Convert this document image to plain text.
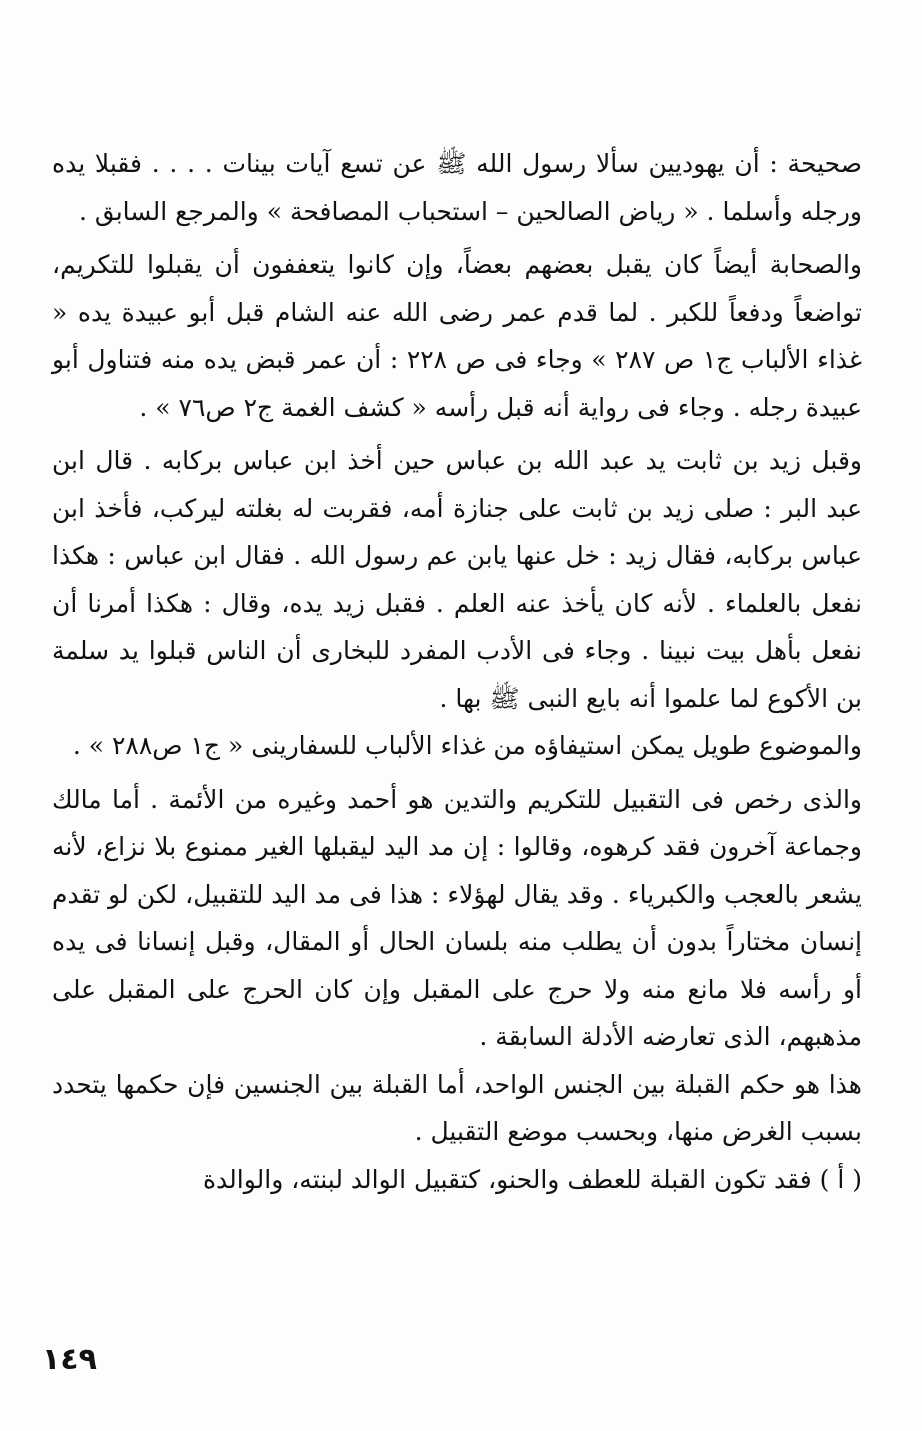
صحيحة : أن يهوديين سألا رسول الله ﷺ عن تسع آيات بينات . . . . فقبلا يده ورجله وأسلما . « رياض الصالحين – استحباب المصافحة » والمرجع السابق .

والصحابة أيضاً كان يقبل بعضهم بعضاً، وإن كانوا يتعففون أن يقبلوا للتكريم، تواضعاً ودفعاً للكبر . لما قدم عمر رضى الله عنه الشام قبل أبو عبيدة يده « غذاء الألباب ج١ ص ٢٨٧ » وجاء فى ص ٢٢٨ : أن عمر قبض يده منه فتناول أبو عبيدة رجله . وجاء فى رواية أنه قبل رأسه « كشف الغمة ج٢ ص٧٦ » .

وقبل زيد بن ثابت يد عبد الله بن عباس حين أخذ ابن عباس بركابه . قال ابن عبد البر : صلى زيد بن ثابت على جنازة أمه، فقربت له بغلته ليركب، فأخذ ابن عباس بركابه، فقال زيد : خل عنها يابن عم رسول الله . فقال ابن عباس : هكذا نفعل بالعلماء . لأنه كان يأخذ عنه العلم . فقبل زيد يده، وقال : هكذا أمرنا أن نفعل بأهل بيت نبينا . وجاء فى الأدب المفرد للبخارى أن الناس قبلوا يد سلمة بن الأكوع لما علموا أنه بايع النبى ﷺ بها .

والموضوع طويل يمكن استيفاؤه من غذاء الألباب للسفارينى « ج١ ص٢٨٨ » .

والذى رخص فى التقبيل للتكريم والتدين هو أحمد وغيره من الأئمة . أما مالك وجماعة آخرون فقد كرهوه، وقالوا : إن مد اليد ليقبلها الغير ممنوع بلا نزاع، لأنه يشعر بالعجب والكبرياء . وقد يقال لهؤلاء : هذا فى مد اليد للتقبيل، لكن لو تقدم إنسان مختاراً بدون أن يطلب منه بلسان الحال أو المقال، وقبل إنسانا فى يده أو رأسه فلا مانع منه ولا حرج على المقبل وإن كان الحرج على المقبل على مذهبهم، الذى تعارضه الأدلة السابقة .

هذا هو حكم القبلة بين الجنس الواحد، أما القبلة بين الجنسين فإن حكمها يتحدد بسبب الغرض منها، وبحسب موضع التقبيل .

( أ ) فقد تكون القبلة للعطف والحنو، كتقبيل الوالد لبنته، والوالدة

١٤٩
